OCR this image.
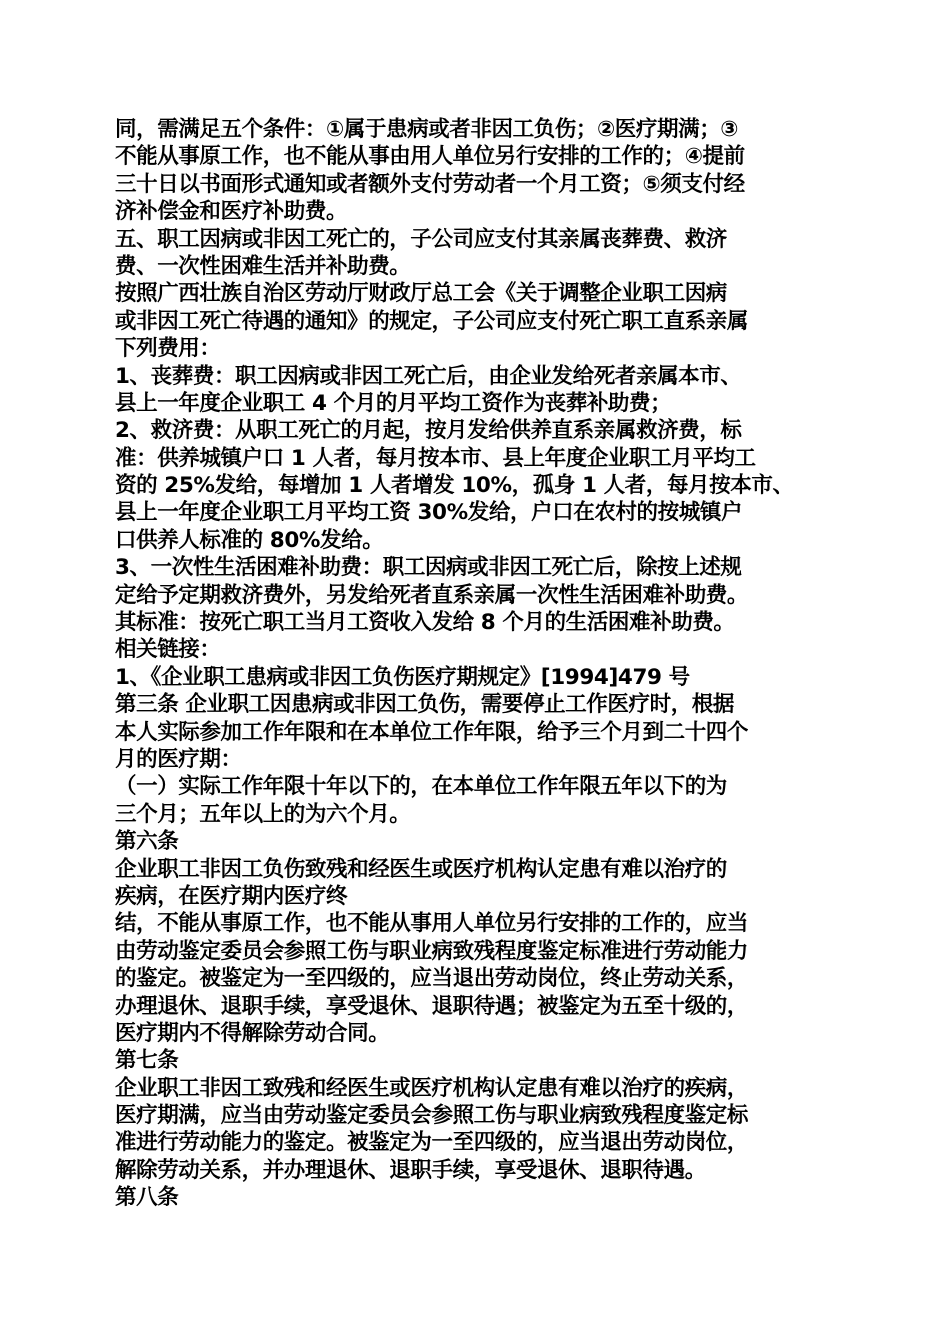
同，需满足五个条件：①属于患病或者非因工负伤；②医疗期满；③
不能从事原工作，也不能从事由用人单位另行安排的工作的；④提前
三十日以书面形式通知或者额外支付劳动者一个月工资；⑤须支付经
济补偿金和医疗补助费。
五、职工因病或非因工死亡的，子公司应支付其亲属丧葬费、救济
费、一次性困难生活并补助费。
按照广西壮族自治区劳动厅财政厅总工会《关于调整企业职工因病
或非因工死亡待遇的通知》的规定，子公司应支付死亡职工直系亲属
下列费用：
1、丧葬费：职工因病或非因工死亡后，由企业发给死者亲属本市、
县上一年度企业职工 4 个月的月平均工资作为丧葬补助费；
2、救济费：从职工死亡的月起，按月发给供养直系亲属救济费，标
准：供养城镇户口 1 人者，每月按本市、县上年度企业职工月平均工
资的 25%发给，每增加 1 人者增发 10%，孤身 1 人者，每月按本市、
县上一年度企业职工月平均工资 30%发给，户口在农村的按城镇户
口供养人标准的 80%发给。
3、一次性生活困难补助费：职工因病或非因工死亡后，除按上述规
定给予定期救济费外，另发给死者直系亲属一次性生活困难补助费。
其标准：按死亡职工当月工资收入发给 8 个月的生活困难补助费。
相关链接：
1、《企业职工患病或非因工负伤医疗期规定》[1994]479 号
第三条 企业职工因患病或非因工负伤，需要停止工作医疗时，根据
本人实际参加工作年限和在本单位工作年限，给予三个月到二十四个
月的医疗期：
（一）实际工作年限十年以下的，在本单位工作年限五年以下的为
三个月；五年以上的为六个月。
第六条
企业职工非因工负伤致残和经医生或医疗机构认定患有难以治疗的
疾病，在医疗期内医疗终
结，不能从事原工作，也不能从事用人单位另行安排的工作的，应当
由劳动鉴定委员会参照工伤与职业病致残程度鉴定标准进行劳动能力
的鉴定。被鉴定为一至四级的，应当退出劳动岗位，终止劳动关系，
办理退休、退职手续，享受退休、退职待遇；被鉴定为五至十级的，
医疗期内不得解除劳动合同。
第七条
企业职工非因工致残和经医生或医疗机构认定患有难以治疗的疾病，
医疗期满，应当由劳动鉴定委员会参照工伤与职业病致残程度鉴定标
准进行劳动能力的鉴定。被鉴定为一至四级的，应当退出劳动岗位，
解除劳动关系，并办理退休、退职手续，享受退休、退职待遇。
第八条
